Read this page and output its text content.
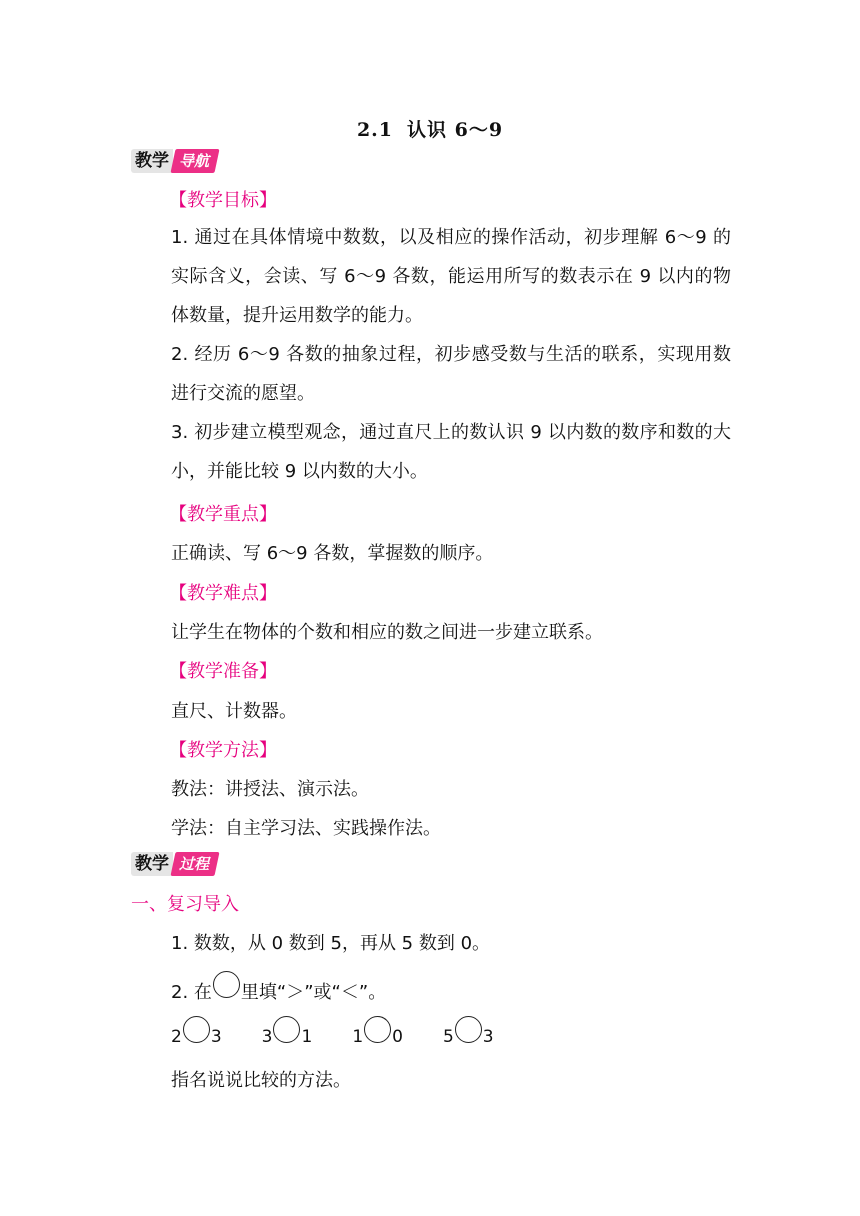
2.1 认识 6～9
教学 导航
【教学目标】
1. 通过在具体情境中数数，以及相应的操作活动，初步理解 6～9 的实际含义，会读、写 6～9 各数，能运用所写的数表示在 9 以内的物体数量，提升运用数学的能力。
2. 经历 6～9 各数的抽象过程，初步感受数与生活的联系，实现用数进行交流的愿望。
3. 初步建立模型观念，通过直尺上的数认识 9 以内数的数序和数的大小，并能比较 9 以内数的大小。
【教学重点】
正确读、写 6～9 各数，掌握数的顺序。
【教学难点】
让学生在物体的个数和相应的数之间进一步建立联系。
【教学准备】
直尺、计数器。
【教学方法】
教法：讲授法、演示法。
学法：自主学习法、实践操作法。
教学 过程
一、复习导入
1. 数数，从 0 数到 5，再从 5 数到 0。
2. 在 里填“＞”或“＜”。
2 3 3 1 1 0 5 3
指名说说比较的方法。
